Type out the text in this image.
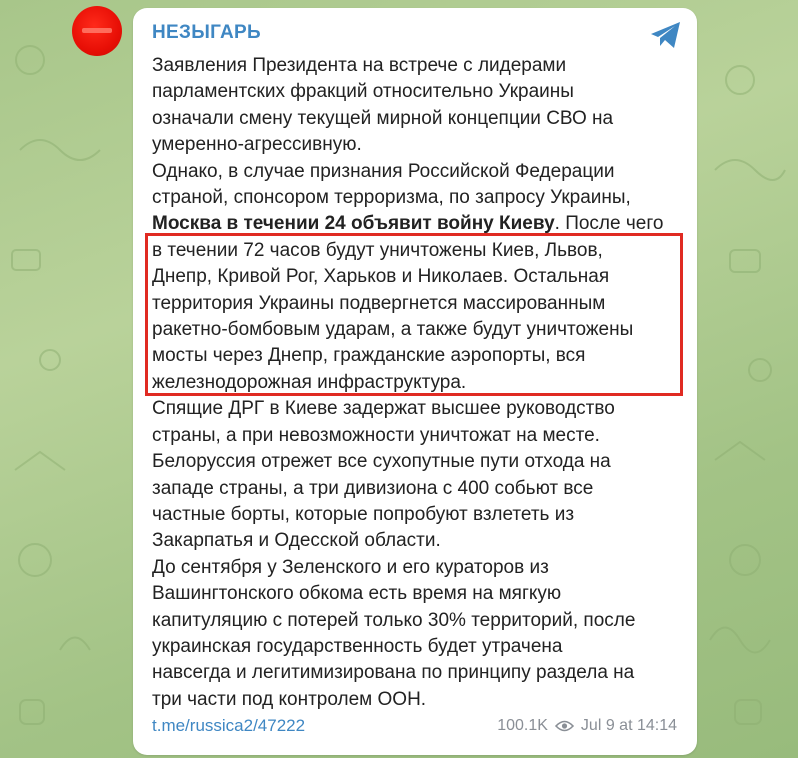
НЕЗЫГАРЬ
Заявления Президента на встрече с лидерами
парламентских фракций относительно Украины
означали смену текущей мирной концепции СВО на
умеренно-агрессивную.
Однако, в случае признания Российской Федерации
страной, спонсором терроризма, по запросу Украины,
Москва в течении 24 объявит войну Киеву. После чего
в течении 72 часов будут уничтожены Киев, Львов,
Днепр, Кривой Рог, Харьков и Николаев. Остальная
территория Украины подвергнется массированным
ракетно-бомбовым ударам, а также будут уничтожены
мосты через Днепр, гражданские аэропорты, вся
железнодорожная инфраструктура.
Спящие ДРГ в Киеве задержат высшее руководство
страны, а при невозможности уничтожат на месте.
Белоруссия отрежет все сухопутные пути отхода на
западе страны, а три дивизиона с 400 собьют все
частные борты, которые попробуют взлететь из
Закарпатья и Одесской области.
До сентября у Зеленского и его кураторов из
Вашингтонского обкома есть время на мягкую
капитуляцию с потерей только 30% территорий, после
украинская государственность будет утрачена
навсегда и легитимизирована по принципу раздела на
три части под контролем ООН.
t.me/russica2/47222	100.1K Jul 9 at 14:14
